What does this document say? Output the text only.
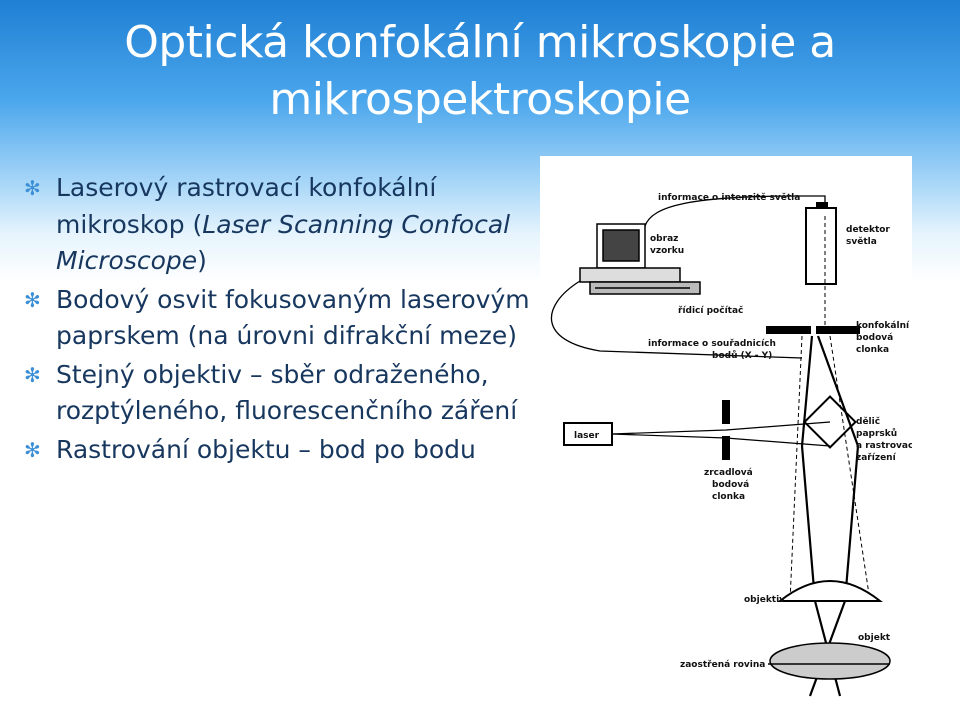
Optická konfokální mikroskopie a mikrospektroskopie
✻ Laserový rastrovací konfokální mikroskop (Laser Scanning Confocal Microscope)
✻ Bodový osvit fokusovaným laserovým paprskem (na úrovni difrakční meze)
✻ Stejný objektiv – sběr odraženého, rozptýleného, fluorescenčního záření
✻ Rastrování objektu – bod po bodu
informace o intenzitě světla
obraz
vzorku
detektor
světla
řídicí počítač
informace o souřadnicích
bodů (X - Y)
konfokální
bodová
clonka
dělič
paprsků
a rastrovací
zařízení
laser
zrcadlová
bodová
clonka
objektiv
objekt
zaostřená rovina
